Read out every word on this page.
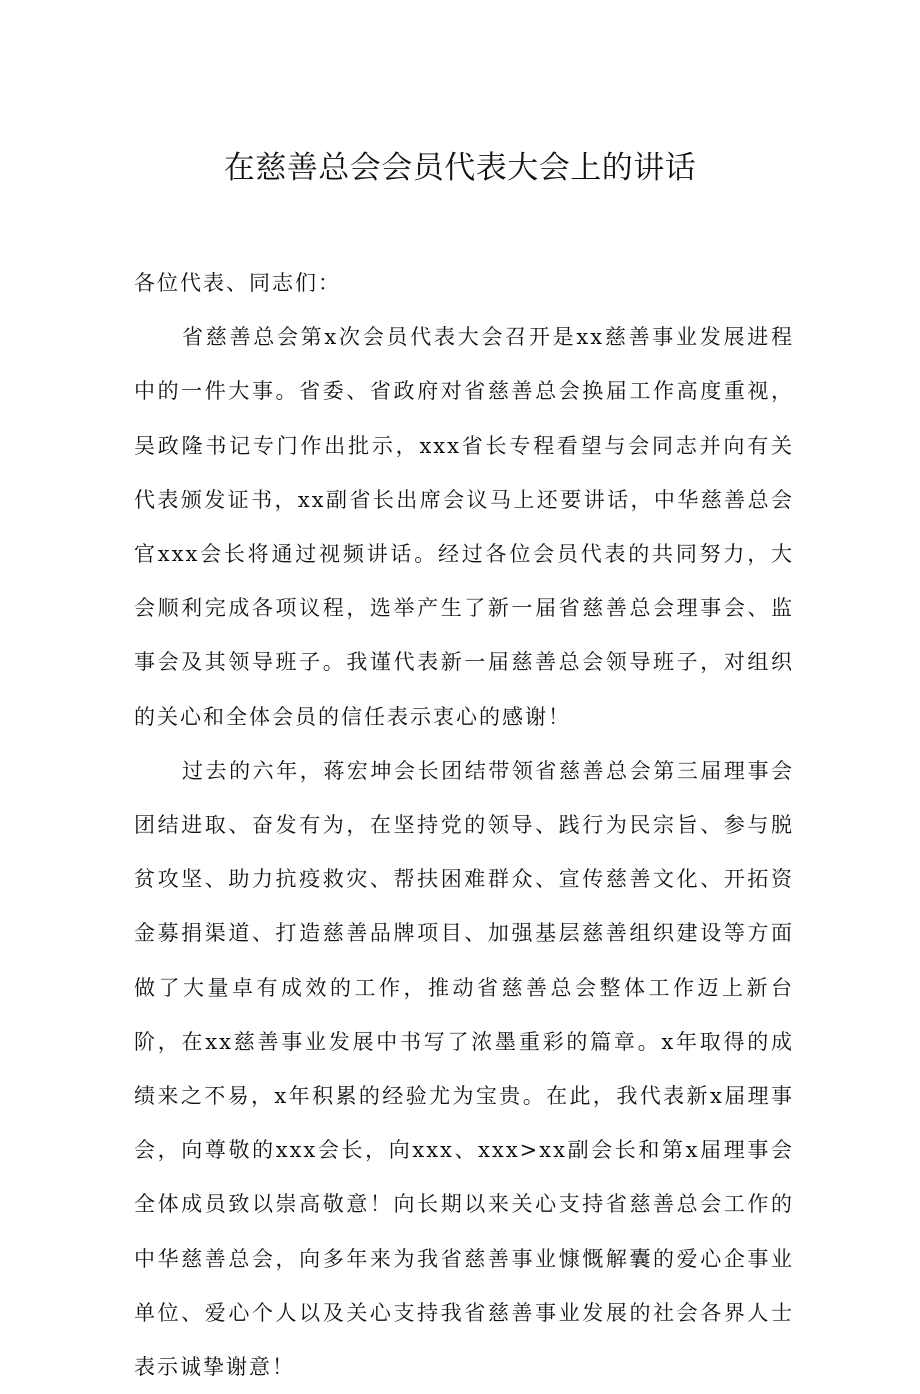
在慈善总会会员代表大会上的讲话

各位代表、同志们：

省慈善总会第x次会员代表大会召开是xx慈善事业发展进程中的一件大事。省委、省政府对省慈善总会换届工作高度重视，吴政隆书记专门作出批示，xxx省长专程看望与会同志并向有关代表颁发证书，xx副省长出席会议马上还要讲话，中华慈善总会官xxx会长将通过视频讲话。经过各位会员代表的共同努力，大会顺利完成各项议程，选举产生了新一届省慈善总会理事会、监事会及其领导班子。我谨代表新一届慈善总会领导班子，对组织的关心和全体会员的信任表示衷心的感谢！

过去的六年，蒋宏坤会长团结带领省慈善总会第三届理事会团结进取、奋发有为，在坚持党的领导、践行为民宗旨、参与脱贫攻坚、助力抗疫救灾、帮扶困难群众、宣传慈善文化、开拓资金募捐渠道、打造慈善品牌项目、加强基层慈善组织建设等方面做了大量卓有成效的工作，推动省慈善总会整体工作迈上新台阶，在xx慈善事业发展中书写了浓墨重彩的篇章。x年取得的成绩来之不易，x年积累的经验尤为宝贵。在此，我代表新x届理事会，向尊敬的xxx会长，向xxx、xxx>xx副会长和第x届理事会全体成员致以崇高敬意！向长期以来关心支持省慈善总会工作的中华慈善总会，向多年来为我省慈善事业慷慨解囊的爱心企事业单位、爱心个人以及关心支持我省慈善事业发展的社会各界人士表示诚挚谢意！
